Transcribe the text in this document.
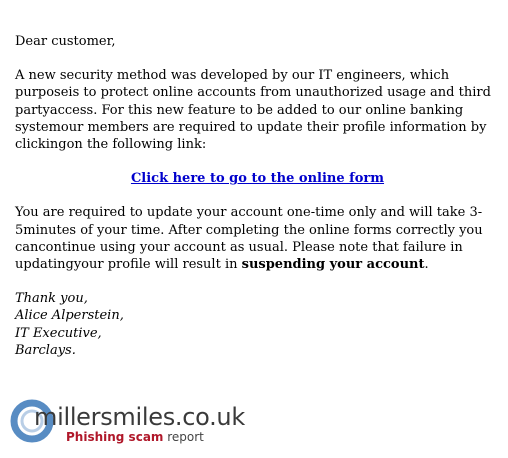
Dear customer,

A new security method was developed by our IT engineers, which purposeis to protect online accounts from unauthorized usage and third partyaccess. For this new feature to be added to our online banking systemour members are required to update their profile information by clickingon the following link:

Click here to go to the online form

You are required to update your account one-time only and will take 3-5minutes of your time. After completing the online forms correctly you cancontinue using your account as usual. Please note that failure in updatingyour profile will result in suspending your account.

Thank you,
Alice Alperstein,
IT Executive,
Barclays.

millersmiles.co.uk
Phishing scam report
